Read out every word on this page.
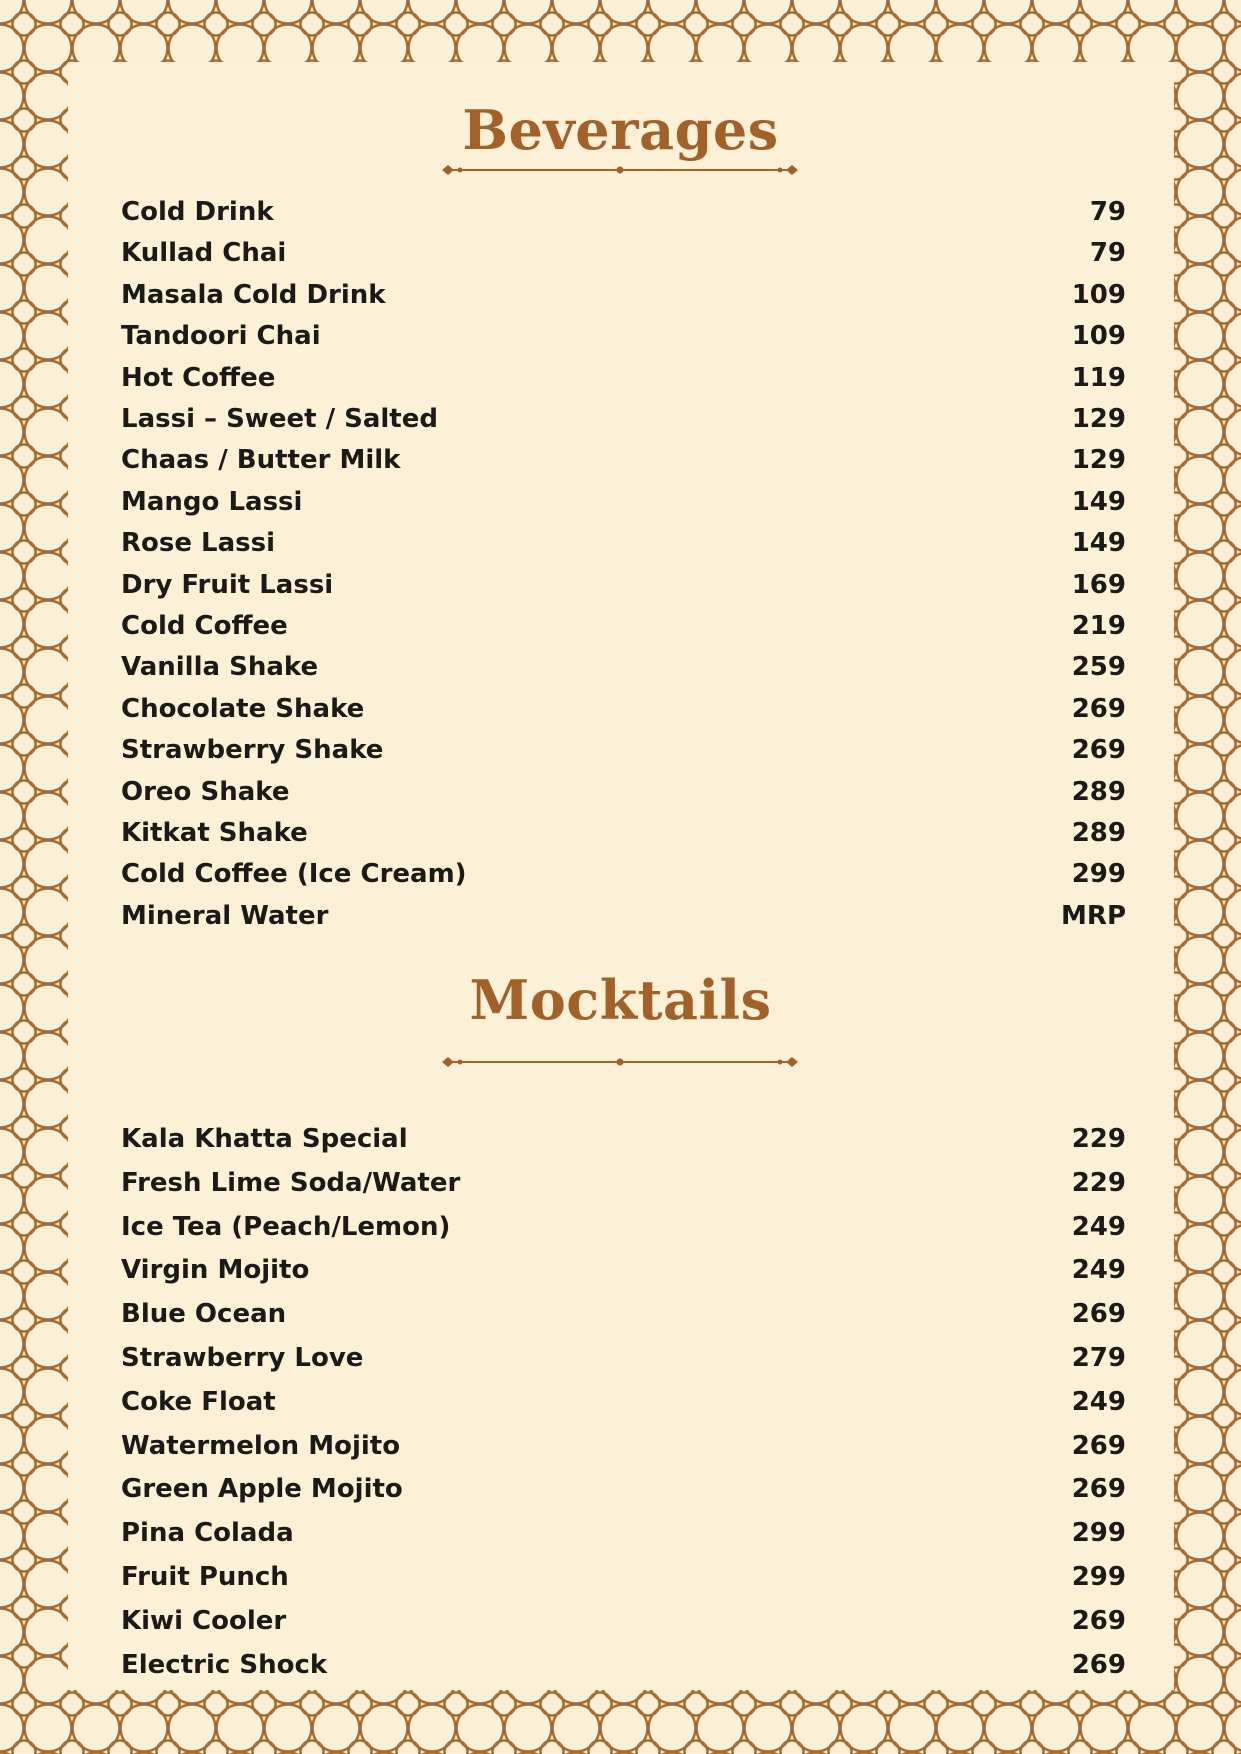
Beverages
Cold Drink	79
Kullad Chai	79
Masala Cold Drink	109
Tandoori Chai	109
Hot Coffee	119
Lassi – Sweet / Salted	129
Chaas / Butter Milk	129
Mango Lassi	149
Rose Lassi	149
Dry Fruit Lassi	169
Cold Coffee	219
Vanilla Shake	259
Chocolate Shake	269
Strawberry Shake	269
Oreo Shake	289
Kitkat Shake	289
Cold Coffee (Ice Cream)	299
Mineral Water	MRP
Mocktails
Kala Khatta Special	229
Fresh Lime Soda/Water	229
Ice Tea (Peach/Lemon)	249
Virgin Mojito	249
Blue Ocean	269
Strawberry Love	279
Coke Float	249
Watermelon Mojito	269
Green Apple Mojito	269
Pina Colada	299
Fruit Punch	299
Kiwi Cooler	269
Electric Shock	269
